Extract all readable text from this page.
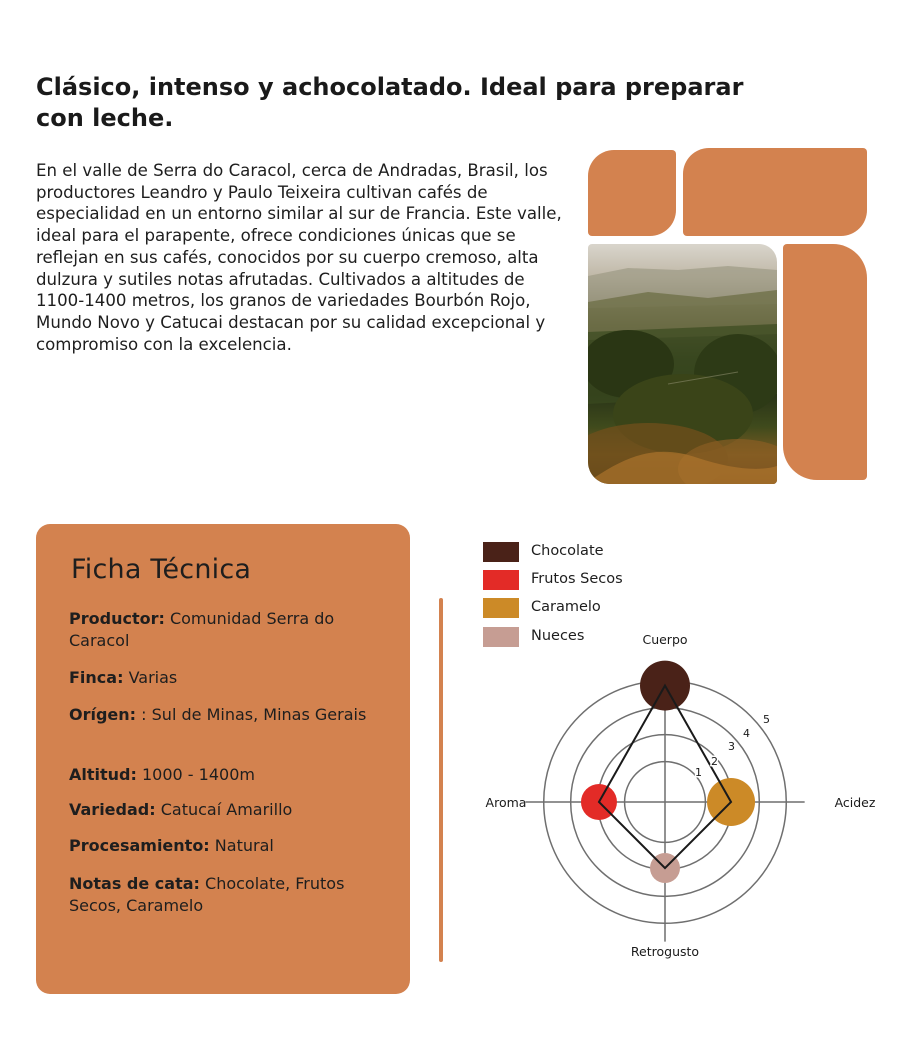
Clásico, intenso y achocolatado. Ideal para preparar con leche.

En el valle de Serra do Caracol, cerca de Andradas, Brasil, los productores Leandro y Paulo Teixeira cultivan cafés de especialidad en un entorno similar al sur de Francia. Este valle, ideal para el parapente, ofrece condiciones únicas que se reflejan en sus cafés, conocidos por su cuerpo cremoso, alta dulzura y sutiles notas afrutadas. Cultivados a altitudes de 1100-1400 metros, los granos de variedades Bourbón Rojo, Mundo Novo y Catucai destacan por su calidad excepcional y compromiso con la excelencia.

Ficha Técnica

Productor: Comunidad Serra do Caracol

Finca: Varias

Orígen: : Sul de Minas, Minas Gerais

Altitud: 1000 - 1400m

Variedad: Catucaí Amarillo

Procesamiento: Natural

Notas de cata: Chocolate, Frutos Secos, Caramelo

Chocolate
Frutos Secos
Caramelo
Nueces
1
2
3
4
5
Cuerpo
Acidez
Retrogusto
Aroma
